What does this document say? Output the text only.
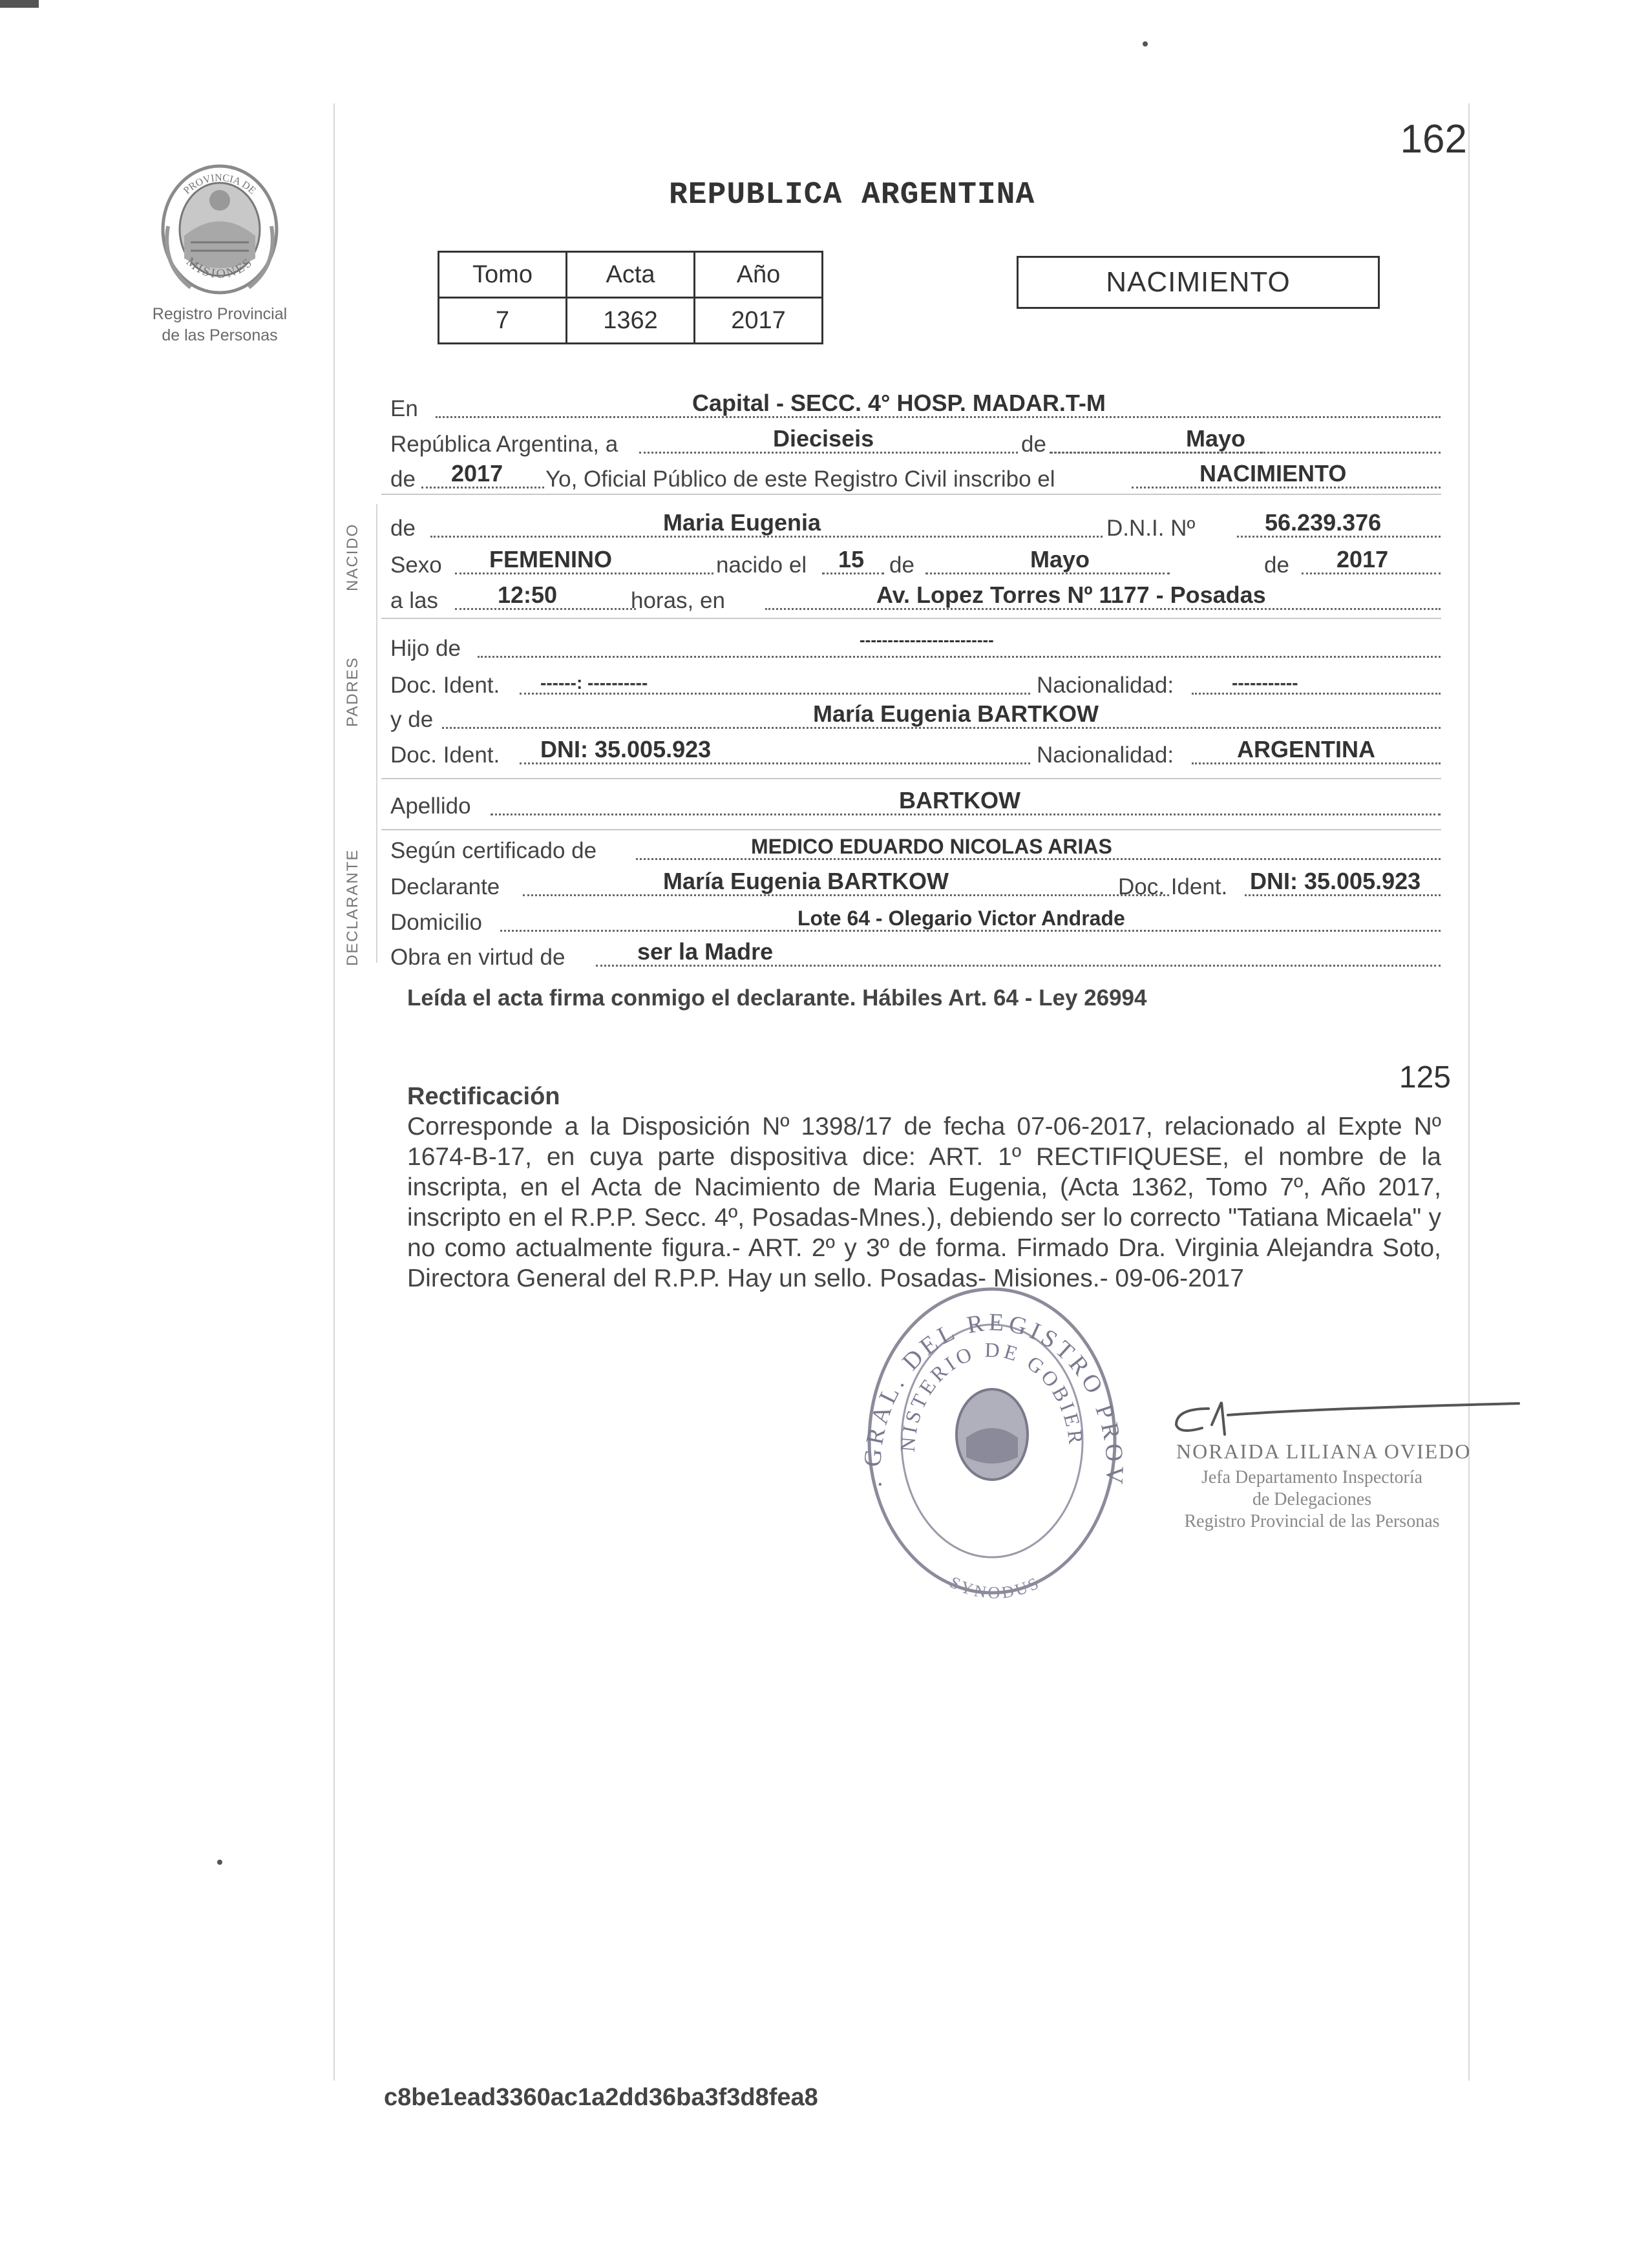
PROVINCIA DE
MISIONES
Registro Provincial
de las Personas
162
REPUBLICA ARGENTINA
Tomo	Acta	Año
7	1362	2017
NACIMIENTO
NACIDO
PADRES
DECLARANTE
En	Capital - SECC. 4° HOSP. MADAR.T-M
República Argentina, a	Dieciseis	de	Mayo
de 2017 Yo, Oficial Público de este Registro Civil inscribo el	NACIMIENTO
de	Maria Eugenia	D.N.I. Nº	56.239.376
Sexo FEMENINO	nacido el 15 de	Mayo	de 2017
a las	12:50	horas, en	Av. Lopez Torres Nº 1177 - Posadas
Hijo de	------------------------
Doc. Ident. ------: ----------	Nacionalidad:	-----------
y de	María Eugenia BARTKOW
Doc. Ident. DNI: 35.005.923	Nacionalidad:	ARGENTINA
Apellido	BARTKOW
Según certificado de	MEDICO EDUARDO NICOLAS ARIAS
Declarante	María Eugenia BARTKOW	Doc. Ident. DNI: 35.005.923
Domicilio	Lote 64 - Olegario Victor Andrade
Obra en virtud de	ser la Madre
Leída el acta firma conmigo el declarante. Hábiles Art. 64 - Ley 26994
125
Rectificación
Corresponde a la Disposición Nº 1398/17 de fecha 07-06-2017, relacionado al Expte Nº 1674-B-17, en cuya parte dispositiva dice: ART. 1º RECTIFIQUESE, el nombre de la inscripta, en el Acta de Nacimiento de Maria Eugenia, (Acta 1362, Tomo 7º, Año 2017, inscripto en el R.P.P. Secc. 4º, Posadas-Mnes.), debiendo ser lo correcto "Tatiana Micaela" y no como actualmente figura.- ART. 2º y 3º de forma. Firmado Dra. Virginia Alejandra Soto, Directora General del R.P.P. Hay un sello. Posadas- Misiones.- 09-06-2017
. GRAL. DEL REGISTRO PROV
NISTERIO DE GOBIER
SYNODUS
NORAIDA LILIANA OVIEDO
Jefa Departamento Inspectoría
de Delegaciones
Registro Provincial de las Personas
c8be1ead3360ac1a2dd36ba3f3d8fea8
